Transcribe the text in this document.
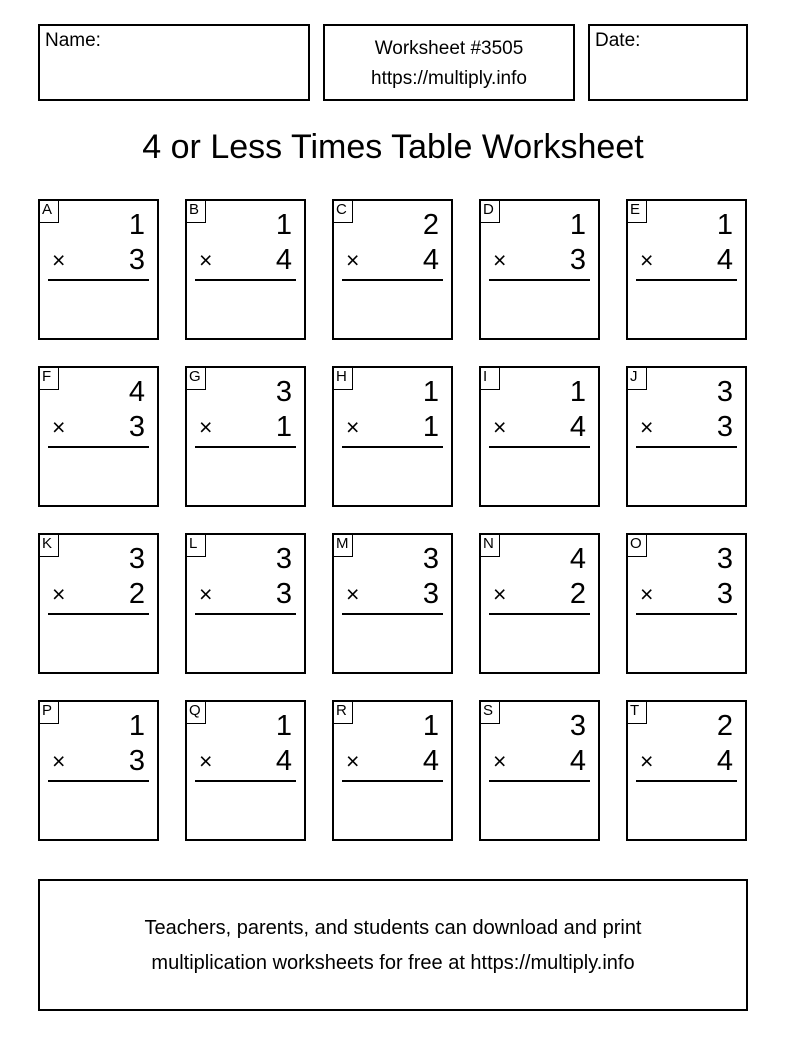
Name:	Worksheet #3505
https://multiply.info
Date:
4 or Less Times Table Worksheet
A	1
× 3
B	1
× 4
C	2
× 4
D	1
× 3
E	1
× 4
F	4
× 3
G	3
× 1
H	1
× 1
I	1
× 4
J	3
× 3
K	3
× 2
L	3
× 3
M	3
× 3
N	4
× 2
O	3
× 3
P	1
× 3
Q	1
× 4
R	1
× 4
S	3
× 4
T	2
× 4
Teachers, parents, and students can download and print
multiplication worksheets for free at https://multiply.info
